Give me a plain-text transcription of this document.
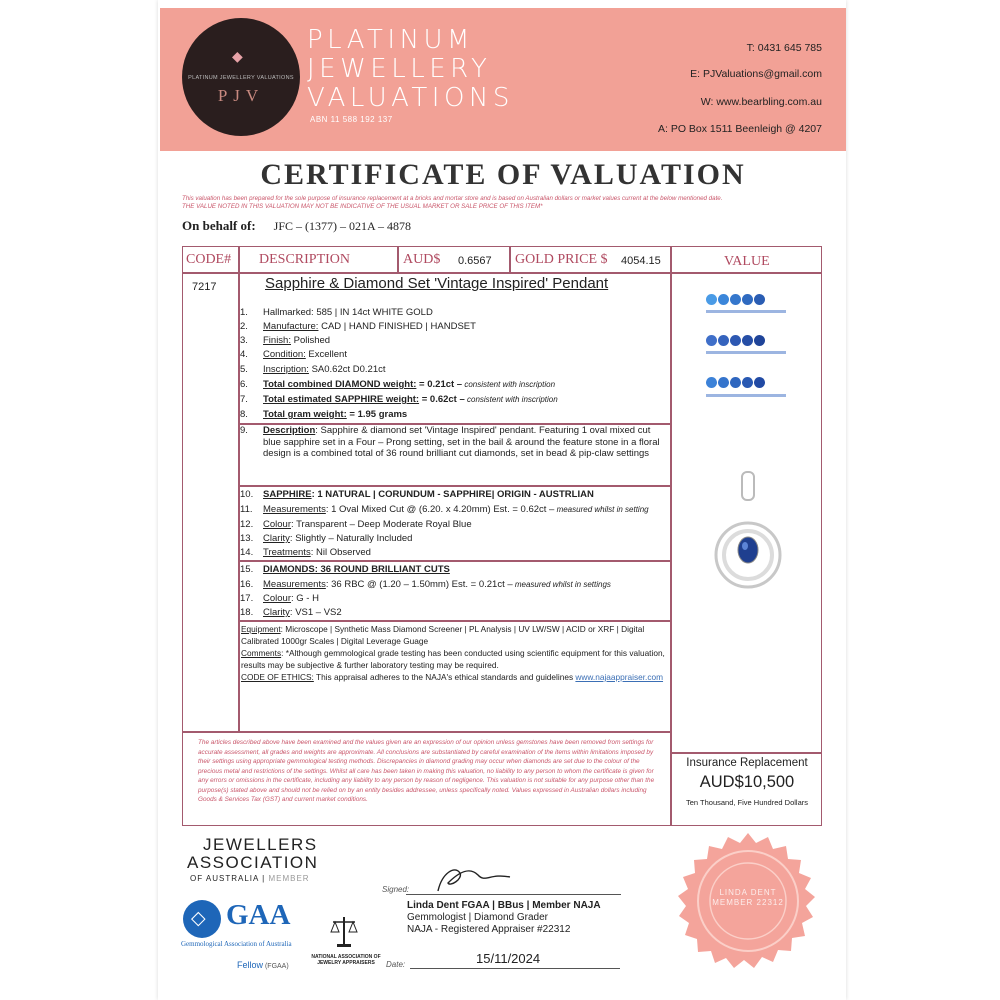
◆
PLATINUM JEWELLERY VALUATIONS
PJV
PLATINUM
JEWELLERY
VALUATIONS
ABN 11 588 192 137
T: 0431 645 785
E: PJValuations@gmail.com
W: www.bearbling.com.au
A: PO Box 1511 Beenleigh @ 4207
CERTIFICATE OF VALUATION
This valuation has been prepared for the sole purpose of insurance replacement at a bricks and mortar store and is based on Australian dollars or market values current at the below mentioned date.
THE VALUE NOTED IN THIS VALUATION MAY NOT BE INDICATIVE OF THE USUAL MARKET OR SALE PRICE OF THIS ITEM*
On behalf of: JFC – (1377) – 021A – 4878
CODE# DESCRIPTION	AUD$ 0.6567 GOLD PRICE $ 4054.15	VALUE
7217	Sapphire & Diamond Set 'Vintage Inspired' Pendant
1.	Hallmarked: 585 | IN 14ct WHITE GOLD
2.	Manufacture: CAD | HAND FINISHED | HANDSET
3.	Finish: Polished
4.	Condition: Excellent
5.	Inscription: SA0.62ct D0.21ct
6.	Total combined DIAMOND weight: = 0.21ct – consistent with inscription
7.	Total estimated SAPPHIRE weight: = 0.62ct – consistent with inscription
8.	Total gram weight: = 1.95 grams
9.	Description: Sapphire & diamond set 'Vintage Inspired' pendant. Featuring 1 oval mixed cut blue sapphire set in a Four – Prong setting, set in the bail & around the feature stone in a floral design is a combined total of 36 round brilliant cut diamonds, set in bead & pip-claw settings
10.	SAPPHIRE: 1 NATURAL | CORUNDUM - SAPPHIRE| ORIGIN - AUSTRLIAN
11.	Measurements: 1 Oval Mixed Cut @ (6.20. x 4.20mm) Est. = 0.62ct – measured whilst in setting
12.	Colour: Transparent – Deep Moderate Royal Blue
13.	Clarity: Slightly – Naturally Included
14.	Treatments: Nil Observed
15.	DIAMONDS: 36 ROUND BRILLIANT CUTS
16.	Measurements: 36 RBC @ (1.20 – 1.50mm) Est. = 0.21ct – measured whilst in settings
17.	Colour: G - H
18.	Clarity: VS1 – VS2
Equipment: Microscope | Synthetic Mass Diamond Screener | PL Analysis | UV LW/SW | ACID or XRF | Digital Calibrated 1000gr Scales | Digital Leverage Guage
Comments: *Although gemmological grade testing has been conducted using scientific equipment for this valuation, results may be subjective & further laboratory testing may be required.
CODE OF ETHICS: This appraisal adheres to the NAJA's ethical standards and guidelines www.najaappraiser.com
The articles described above have been examined and the values given are an expression of our opinion unless gemstones have been removed from settings for accurate assessment, all grades and weights are approximate. All conclusions are substantiated by careful examination of the items within limitations imposed by their settings using appropriate gemmological testing methods. Discrepancies in diamond grading may occur when diamonds are set due to the colour of the precious metal and restrictions of the settings. Whilst all care has been taken in making this valuation, no liability to any person to whom the certificate is given for any errors or omissions in the certificate, including any liability to any person by reason of negligence. This valuation is not suitable for any purpose other than the purpose(s) stated above and should not be relied on by an entity besides addressee, unless specifically noted. Values expressed in Australian dollars including Goods & Services Tax (GST) and current market conditions.
Insurance Replacement
AUD$10,500
Ten Thousand, Five Hundred Dollars
JEWELLERS
ASSOCIATION
OF AUSTRALIA | MEMBER
◇ GAA
Gemmological Association of Australia
Fellow (FGAA)
NATIONAL ASSOCIATION OF JEWELRY APPRAISERS
Signed:
Linda Dent FGAA | BBus | Member NAJA
Gemmologist | Diamond Grader
NAJA - Registered Appraiser #22312
Date:	15/11/2024
LINDA DENT MEMBER 22312
